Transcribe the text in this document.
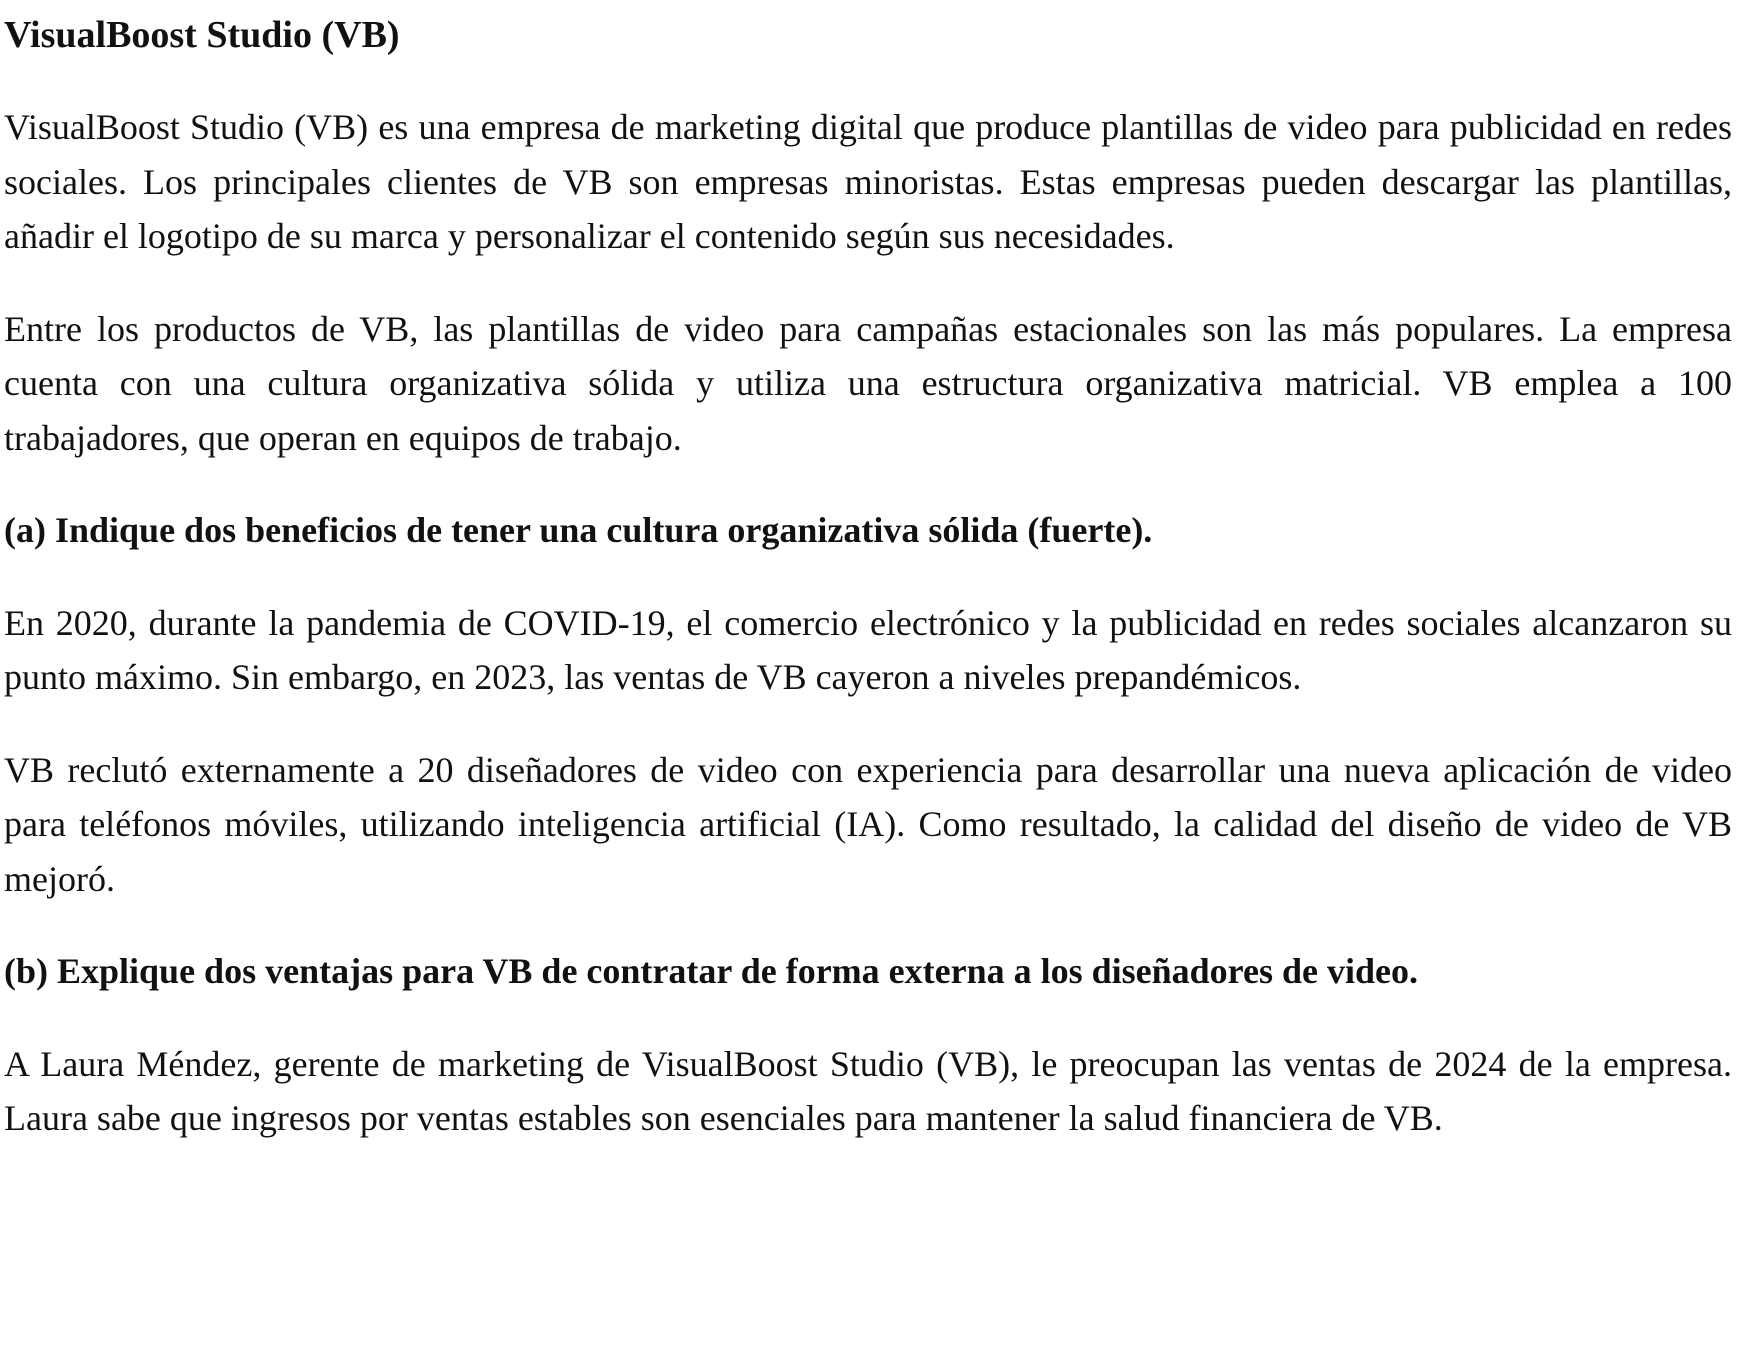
VisualBoost Studio (VB)

VisualBoost Studio (VB) es una empresa de marketing digital que produce plantillas de video para publicidad en redes sociales. Los principales clientes de VB son empresas minoristas. Estas empresas pueden descargar las plantillas, añadir el logotipo de su marca y personalizar el contenido según sus necesidades.

Entre los productos de VB, las plantillas de video para campañas estacionales son las más populares. La empresa cuenta con una cultura organizativa sólida y utiliza una estructura organizativa matricial. VB emplea a 100 trabajadores, que operan en equipos de trabajo.

(a) Indique dos beneficios de tener una cultura organizativa sólida (fuerte).

En 2020, durante la pandemia de COVID-19, el comercio electrónico y la publicidad en redes sociales alcanzaron su punto máximo. Sin embargo, en 2023, las ventas de VB cayeron a niveles prepandémicos.

VB reclutó externamente a 20 diseñadores de video con experiencia para desarrollar una nueva aplicación de video para teléfonos móviles, utilizando inteligencia artificial (IA). Como resultado, la calidad del diseño de video de VB mejoró.

(b) Explique dos ventajas para VB de contratar de forma externa a los diseñadores de video.

A Laura Méndez, gerente de marketing de VisualBoost Studio (VB), le preocupan las ventas de 2024 de la empresa. Laura sabe que ingresos por ventas estables son esenciales para mantener la salud financiera de VB.
